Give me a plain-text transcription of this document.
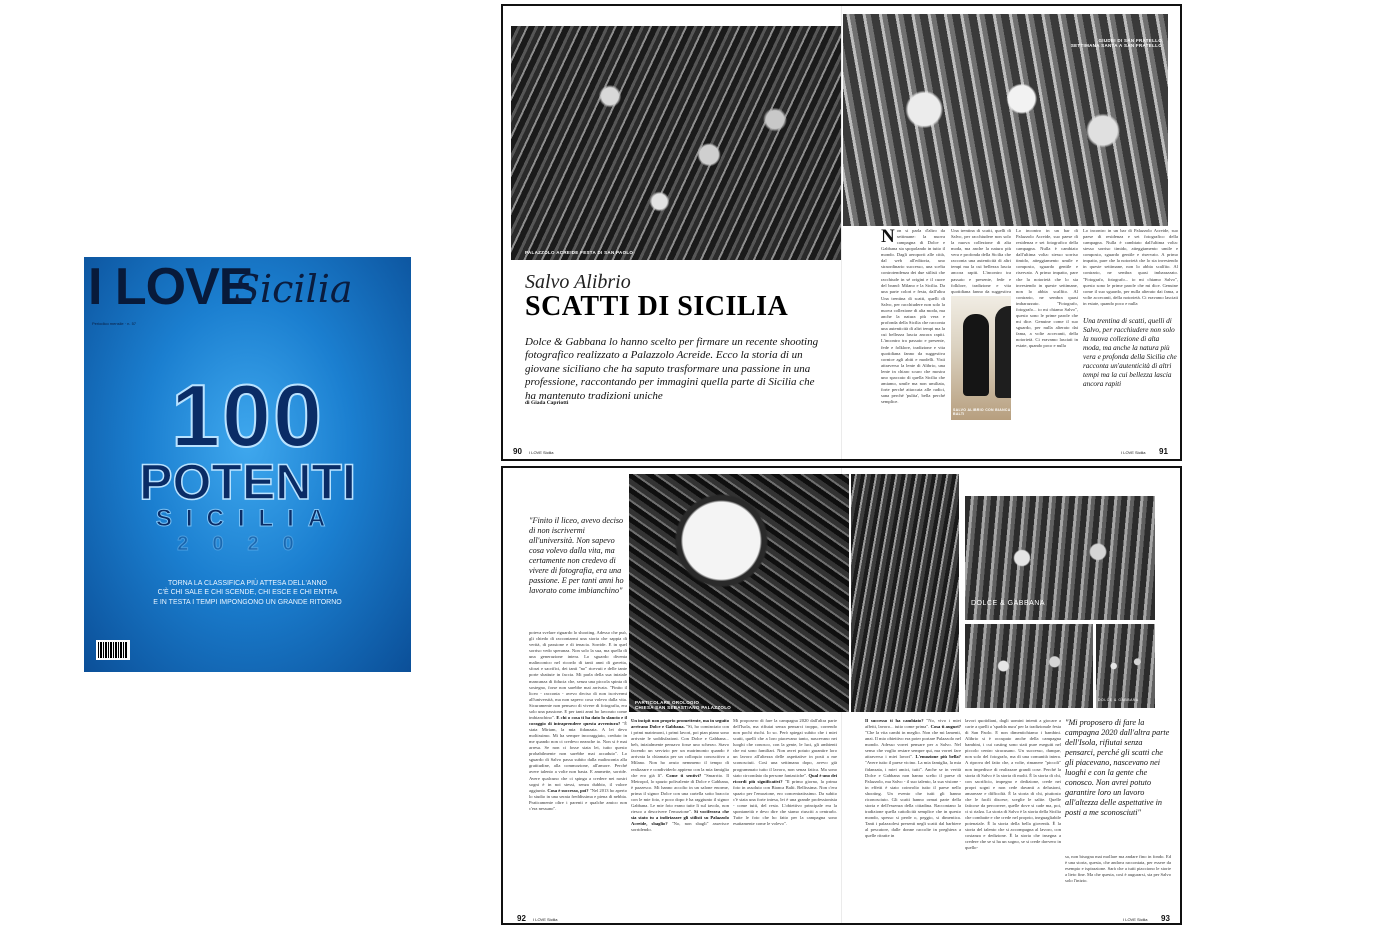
I LOVE
Sicilia
Periodico mensile · n. 57
100
POTENTI
SICILIA
2020
TORNA LA CLASSIFICA PIÙ ATTESA DELL'ANNO
C'È CHI SALE E CHI SCENDE, CHI ESCE E CHI ENTRA
E IN TESTA I TEMPI IMPONGONO UN GRANDE RITORNO
PALAZZOLO ACREIDE FESTA DI SAN PAOLO
GIUDEI DI SAN FRATELLO
SETTIMANA SANTA A SAN FRATELLO
Salvo Alibrio
SCATTI DI SICILIA
Dolce & Gabbana lo hanno scelto per firmare un recente shooting fotografico realizzato a Palazzolo Acreide. Ecco la storia di un giovane siciliano che ha saputo trasformare una passione in una professione, raccontando per immagini quella parte di Sicilia che ha mantenuto tradizioni uniche
di Giada Capriotti
N on si parla d'altro da settimane: la nuova campagna di Dolce e Gabbana sta spopolando in tutto il mondo. Dagli aeroporti alle città, dal web all'editoria, uno straordinario successo, una scelta controtendenza dei due stilisti che racchiude in sé origini e il cuore del brand: Milano e la Sicilia. Da una parte colori e festa, dall'altra
Una trentina di scatti, quelli di Salvo, per racchiudere non solo la nuova collezione di alta moda, ma anche la natura più vera e profonda della Sicilia che racconta una autenticità di altri tempi ma la cui bellezza lascia ancora rapiti. L'incontro tra passato e presente, fede e folklore, tradizione e vita quotidiana fanno da suggestiva cornice agli abiti e modelli. Visti attraverso la lente di Alibrio, una lente in chiaro scuro che mostra uno spaccato di quella Sicilia che amiamo, umile ma non umiliata, forte perché attaccata alle radici, sana perché 'pulita', bella perché semplice.
Una trentina di scatti, quelli di Salvo, per racchiudere non solo la nuova collezione di alta moda, ma anche la natura più vera e profonda della Sicilia che racconta una autenticità di altri tempi ma la cui bellezza lascia ancora rapiti. L'incontro tra passato e presente, fede e folklore, tradizione e vita quotidiana fanno da suggestiva
Lo incontro in un bar di Palazzolo Acreide, suo paese di residenza e set fotografico della campagna. Nulla è cambiato dall'ultima volta: stesso sorriso timido, atteggiamento umile e composto, sguardo gentile e riservato. A primo impatto, pare che la notorietà che lo sta investendo in queste settimane, non lo abbia scalfito. Al contrario, ne sembra quasi imbarazzato. "Fotografo, fotografo... io mi chiamo Salvo", questo sono le prime parole che mi dice. Genuine come il suo sguardo, per nulla alterato dai fama, a volte accecanti, della notorietà. Ci eravamo lasciati in estate, quando poco e nulla
SALVO ALIBRIO CON BIANCA BALTI
Lo incontro in un bar di Palazzolo Acreide, suo paese di residenza e set fotografico della campagna. Nulla è cambiato dall'ultima volta: stesso sorriso timido, atteggiamento umile e composto, sguardo gentile e riservato. A primo impatto, pare che la notorietà che lo sta investendo in queste settimane, non lo abbia scalfito. Al contrario, ne sembra quasi imbarazzato. "Fotografo, fotografo... io mi chiamo Salvo", questo sono le prime parole che mi dice. Genuine come il suo sguardo, per nulla alterato dai fama, a volte accecanti, della notorietà. Ci eravamo lasciati in estate, quando poco e nulla
Una trentina di scatti, quelli di Salvo, per racchiudere non solo la nuova collezione di alta moda, ma anche la natura più vera e profonda della Sicilia che racconta un'autenticità di altri tempi ma la cui bellezza lascia ancora rapiti
90 I LOVE Sicilia	I LOVE Sicilia 91
"Finito il liceo, avevo deciso di non iscrivermi all'università. Non sapevo cosa volevo dalla vita, ma certamente non credevo di vivere di fotografia, era una passione. E per tanti anni ho lavorato come imbianchino"
poteva svelare riguardo lo shooting. Adesso che può, gli chiedo di raccontarmi una storia che sappia di verità, di passione e di tenacia. Sorride. E in quel sorriso vedo speranza. Non solo la sua, ma quella di una generazione intera. Lo sguardo diventa malinconico nel ricordo di tanti anni di gavetta, sforzi e sacrifici, dei tanti "no" ricevuti e delle tante porte sbattute in faccia. Mi parla della sua iniziale mancanza di fiducia che, senza una piccola spinta di sostegno, forse non sarebbe mai arrivata. "Finito il liceo - racconta - avevo deciso di non iscrivermi all'università, ma non sapevo cosa volevo dalla vita. Sicuramente non pensavo di vivere di fotografia, era solo una passione. E per tanti anni ho lavorato come imbianchino". E chi o cosa ti ha dato lo slancio e il coraggio di intraprendere questa avventura? "È stata Miriam, la mia fidanzata. A lei devo moltissimo. Mi ha sempre incoraggiato, creduto in me quando non ci credevo neanche io. Non si è mai arresa. Se non ci fosse stata lei, tutto questo probabilmente non sarebbe mai accaduto". Lo sguardo di Salvo passa subito dalla malinconia alla gratitudine, alla commozione, all'amore. Perché avere talento a volte non basta. E ammette, sorride. Avere qualcuno che ci spinga a credere nei nostri sogni è in noi stessi, senza dubbio, il valore aggiunto. Cosa è successo, poi? "Nel 2013 ho aperto lo studio in una serata freddissima e piena di nebbia. Praticamente oltre i parenti e qualche amico non c'era nessuno".
PARTICOLARE OROLOGIO
CHIESA SAN SEBASTIANO PALAZZOLO
Un incipit non proprio promettente, ma in seguito arrivano Dolce e Gabbana. "Sì, ho cominciato con i primi matrimoni, i primi lavori, poi pian piano sono arrivate le soddisfazioni. Con Dolce e Gabbana... beh, inizialmente pensavo fosse uno scherzo. Stavo facendo un servizio per un matrimonio quando è arrivata la chiamata per un colloquio conoscitivo a Milano. Non ho avuto nemmeno il tempo di realizzare e condividerlo appieno con la mia famiglia che ero già lì". Come ti sentivi? "Smarrito. Il Metropol, lo spazio polivalente di Dolce e Gabbana, è pazzesco. Mi hanno accolto in un salone enorme, prima il signor Dolce con una cartella sotto braccio con le mie foto, e poco dopo è ha raggiunto il signor Gabbana. Le mie foto erano tutte lì sul tavolo, non riesco a descrivere l'emozione". Si vociferava che sia stato tu a indirizzare gli stilisti su Palazzolo Acreide, sbaglio? "No, non sbagli" asserisce sorridendo.
Mi proposero di fare la campagna 2020 dall'altra parte dell'Isola, ma rifiutai senza pensarci troppo, correndo non pochi rischi. Io so. Però spiegai subito che i miei scatti, quelli che a loro piacevano tanto, nascevano nei luoghi che conosco, con la gente, le luci, gli ambienti che mi sono familiari. Non avrei potuto garantire loro un lavoro all'altezza delle aspettative in posti a me sconosciuti. Così una settimana dopo, avevo già programmato tutto il lavoro, non senza fatica. Ma sono stato circondato da persone fantastiche". Qual è uno dei ricordi più significativi? "Il primo giorno, la prima foto in assoluto con Bianca Balti. Bellissima. Non c'era spazio per l'emozione, ero concentratissimo. Da subito c'è stata una forte intesa, lei è una grande professionista - come tutti, del resto. L'obiettivo principale era la spontaneità e devo dire che siamo riusciti a centrarlo. Tutte le foto che ho fatto per la campagna sono esattamente come le volevo".
Il successo ti ha cambiato? "No, vivo i miei affetti, lavoro... tutto come prima". Cosa ti auguri? "Che la vita cambi in meglio. Non che mi lamenti, anzi. Il mio obiettivo era poter portare Palazzolo nel mondo. Adesso vorrei pensare per a Salvo. Nel senso che voglio restare sempre qui, ma vorrei fare attraverso i miei lavori". L'emozione più bella? "Avere tutto il paese vicino. La mia famiglia, la mia fidanzata, i miei amici, tutti". Anche se in verità Dolce e Gabbana non hanno scelto il paese di Palazzolo, ma Salvo - il suo talento, la sua visione - in effetti è stato coinvolto tutto il paese nello shooting. Un evento che tutti gli hanno riconosciuto. Gli scatti hanno ormai parte della storia e dell'essenza della cittadina. Raccontano la tradizione quella cattolicità semplice che in questo mondo, spesso si perde o, peggio, si dimentica. Tanti i palazzolesi presenti negli scatti dal barbiere al pescatore, dalle donne raccolte in preghiera a quelle ritratte in
lavori quotidiani, dagli uomini intenti a giocare a carte a quelli a 'spadda nura' per la tradizionale festa di San Paolo. E non dimentichiamo i bambini. Alibrio si è occupato anche della campagna bambini, i cui casting sono stati pure eseguiti nel piccolo centro siracusano. Un successo, dunque, non solo del fotografo, ma di una comunità intera. A riprova del fatto che, a volte, rimanere "piccoli" non impedisce di realizzare grandi cose. Perché la storia di Salvo è la storia di molti. È la storia di chi, con sacrificio, impegno e dedizione, crede nei propri sogni e non cede davanti a delusioni, amarezze e difficoltà. È la storia di chi, piuttosto che le facili discese, sceglie le salite. Quelle faticose da percorrere, quelle dove si cade ma, poi, ci si rialza. La storia di Salvo è la storia della Sicilia che combatte e che crede nel proprio, ineguagliabile potenziale. È la storia della bella gioventù. È la storia del talento che si accompagna al lavoro, con costanza e dedizione. È la storia che insegna a credere che se si ha un sogno, se si crede davvero in quello-
DOLCE & GABBANA
DOLCE & GABBANA
"Mi proposero di fare la campagna 2020 dall'altra parte dell'Isola, rifiutai senza pensarci, perché gli scatti che gli piacevano, nascevano nei luoghi e con la gente che conosco. Non avrei potuto garantire loro un lavoro all'altezza delle aspettative in posti a me sconosciuti"
sa, non bisogna mai mollare ma andare fino in fondo. Ed è una storia, questa, che andava raccontata, per essere da esempio e ispirazione. Sarà che a tutti piacciono le storie a lieto fine. Ma che questa, così è augurarsi, sia per Salvo solo l'inizio.
92 I LOVE Sicilia	I LOVE Sicilia 93
